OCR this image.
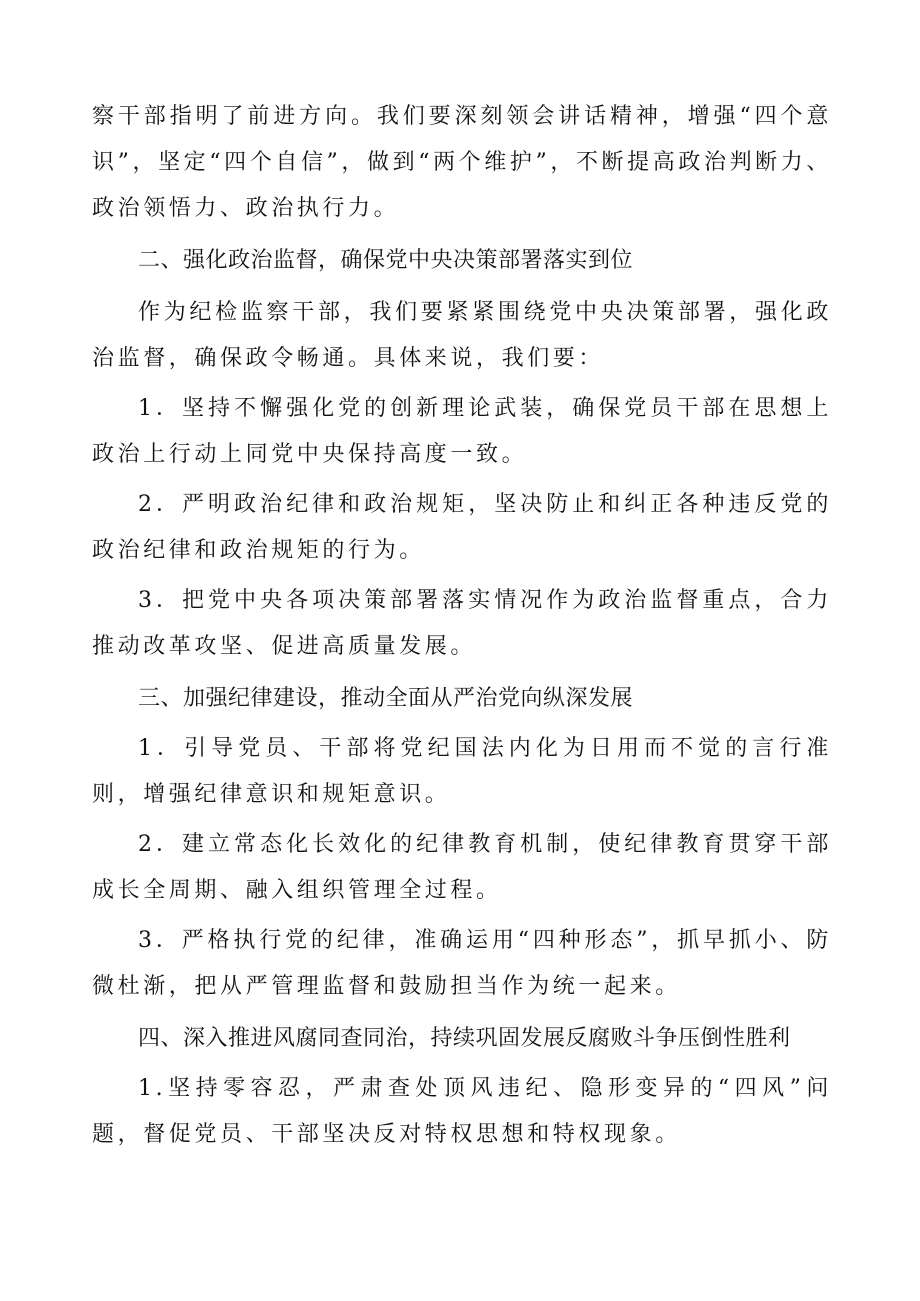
察干部指明了前进方向。我们要深刻领会讲话精神，增强“四个意识”，坚定“四个自信”，做到“两个维护”，不断提高政治判断力、政治领悟力、政治执行力。

二、强化政治监督，确保党中央决策部署落实到位

作为纪检监察干部，我们要紧紧围绕党中央决策部署，强化政治监督，确保政令畅通。具体来说，我们要：

1．坚持不懈强化党的创新理论武装，确保党员干部在思想上政治上行动上同党中央保持高度一致。

2．严明政治纪律和政治规矩，坚决防止和纠正各种违反党的政治纪律和政治规矩的行为。

3．把党中央各项决策部署落实情况作为政治监督重点，合力推动改革攻坚、促进高质量发展。

三、加强纪律建设，推动全面从严治党向纵深发展

1．引导党员、干部将党纪国法内化为日用而不觉的言行准则，增强纪律意识和规矩意识。

2．建立常态化长效化的纪律教育机制，使纪律教育贯穿干部成长全周期、融入组织管理全过程。

3．严格执行党的纪律，准确运用“四种形态”，抓早抓小、防微杜渐，把从严管理监督和鼓励担当作为统一起来。

四、深入推进风腐同查同治，持续巩固发展反腐败斗争压倒性胜利

1.坚持零容忍，严肃查处顶风违纪、隐形变异的“四风”问题，督促党员、干部坚决反对特权思想和特权现象。
